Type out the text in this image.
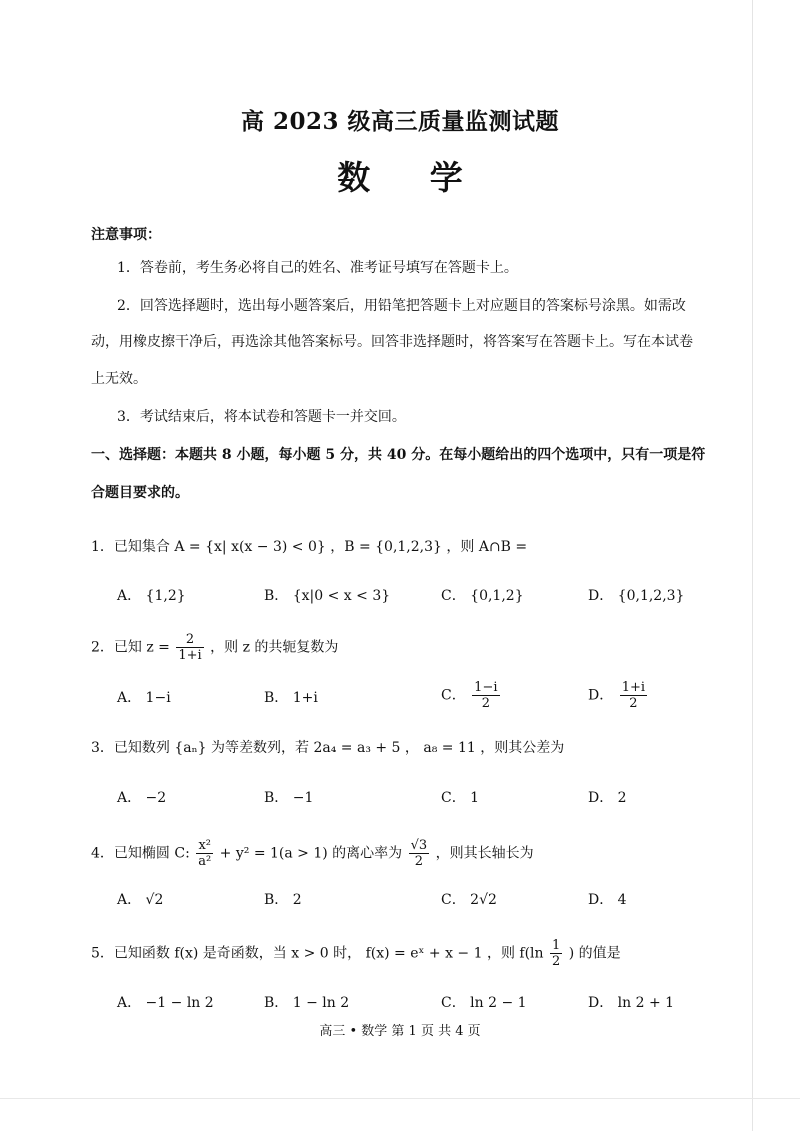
高 2023 级高三质量监测试题
数 学
注意事项：
1．答卷前，考生务必将自己的姓名、准考证号填写在答题卡上。
2．回答选择题时，选出每小题答案后，用铅笔把答题卡上对应题目的答案标号涂黑。如需改
动，用橡皮擦干净后，再选涂其他答案标号。回答非选择题时，将答案写在答题卡上。写在本试卷
上无效。
3．考试结束后，将本试卷和答题卡一并交回。
一、选择题：本题共 8 小题，每小题 5 分，共 40 分。在每小题给出的四个选项中，只有一项是符
合题目要求的。
1．已知集合 A = {x| x(x − 3) < 0} ，B = {0,1,2,3} ，则 A∩B =
A． {1,2}	B． {x|0 < x < 3}	C． {0,1,2}	D． {0,1,2,3}
2．已知 $z = \frac{2}{1+i}$ ，则 z 的共轭复数为
A． 1−i	B． 1+i	C． $\frac{1-i}{2}$	D． $\frac{1+i}{2}$
3．已知数列 {aₙ} 为等差数列，若 2a₄ = a₃ + 5 ， a₈ = 11 ，则其公差为
A． −2	B． −1	C． 1	D． 2
4．已知椭圆 C: $\frac{\text{x²}}{\text{a²}} + y^2 = 1(a > 1)$ 的离心率为 $\frac{√3}{2}$ ，则其长轴长为
A． √2	B． 2	C． 2√2	D． 4
5．已知函数 f(x) 是奇函数，当 x > 0 时， f(x) = eˣ + x − 1 ，则 $f(\ln \frac{1}{2}$ ) 的值是
A． −1 − ln 2	B． 1 − ln 2	C． ln 2 − 1	D． ln 2 + 1
高三 • 数学 第 1 页 共 4 页
